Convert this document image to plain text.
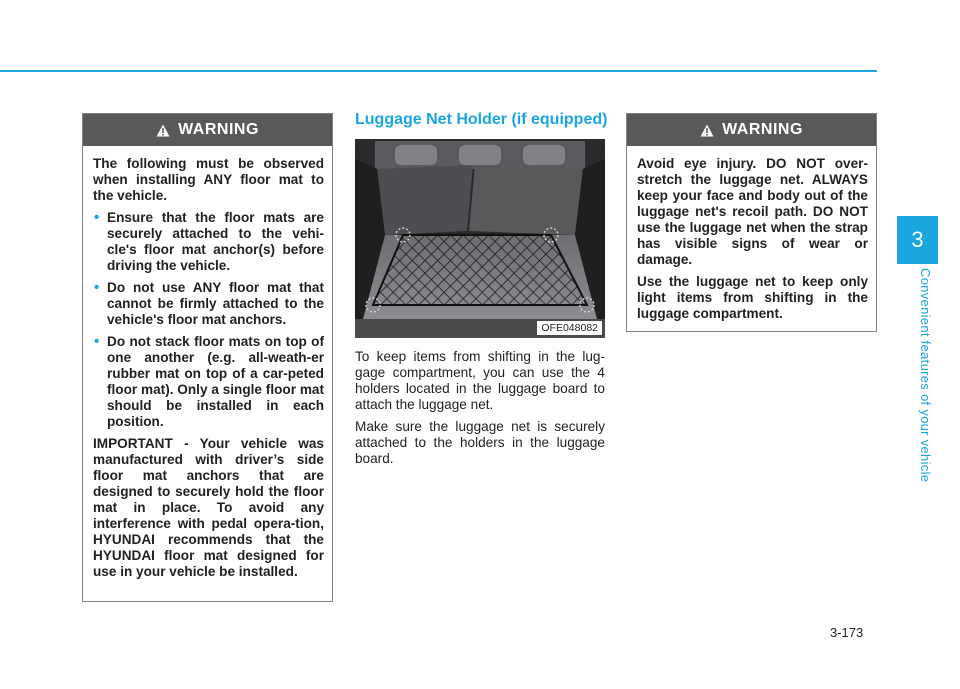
3
Convenient features of your vehicle
WARNING

The following must be observed when installing ANY floor mat to the vehicle.

• Ensure that the floor mats are securely attached to the vehi-cle's floor mat anchor(s) before driving the vehicle.
• Do not use ANY floor mat that cannot be firmly attached to the vehicle's floor mat anchors.
• Do not stack floor mats on top of one another (e.g. all-weath-er rubber mat on top of a car-peted floor mat). Only a single floor mat should be installed in each position.

IMPORTANT - Your vehicle was manufactured with driver’s side floor mat anchors that are designed to securely hold the floor mat in place. To avoid any interference with pedal opera-tion, HYUNDAI recommends that the HYUNDAI floor mat designed for use in your vehicle be installed.

Luggage Net Holder (if equipped)
OFE048082

To keep items from shifting in the lug-gage compartment, you can use the 4 holders located in the luggage board to attach the luggage net.

Make sure the luggage net is securely attached to the holders in the luggage board.

WARNING

Avoid eye injury. DO NOT over-stretch the luggage net. ALWAYS keep your face and body out of the luggage net's recoil path. DO NOT use the luggage net when the strap has visible signs of wear or damage.

Use the luggage net to keep only light items from shifting in the luggage compartment.

3-173
